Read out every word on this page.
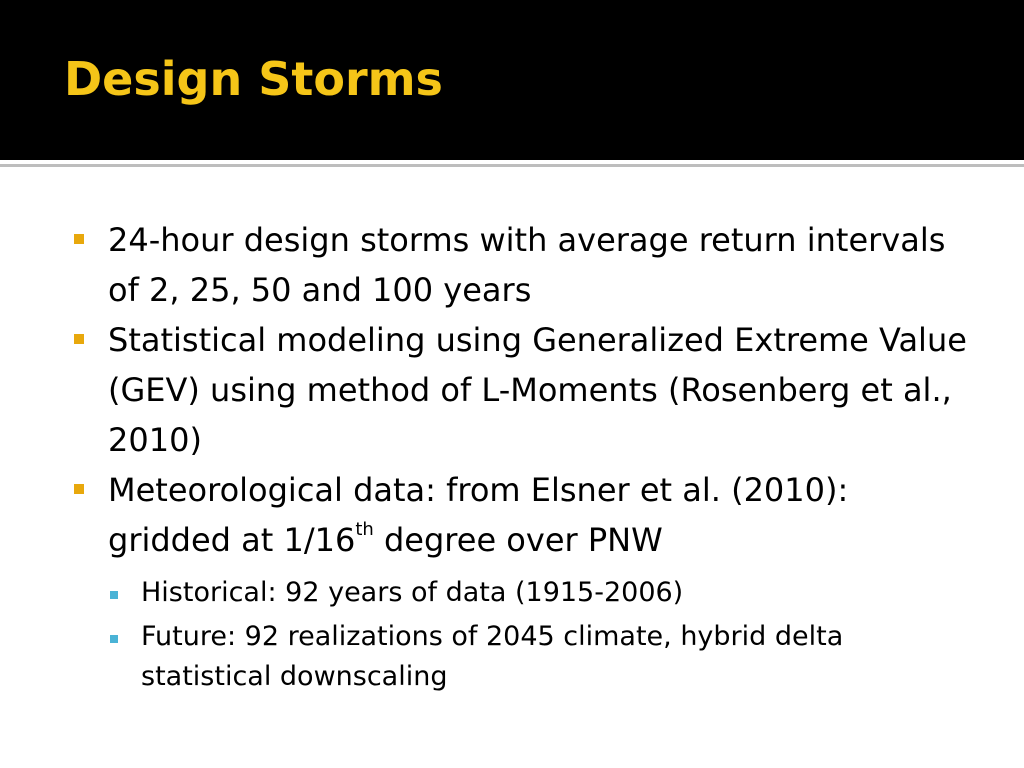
Design Storms
24-hour design storms with average return intervals of 2, 25, 50 and 100 years
Statistical modeling using Generalized Extreme Value (GEV) using method of L-Moments (Rosenberg et al., 2010)
Meteorological data: from Elsner et al. (2010): gridded at 1/16th degree over PNW
Historical: 92 years of data (1915-2006)
Future: 92 realizations of 2045 climate, hybrid delta statistical downscaling
